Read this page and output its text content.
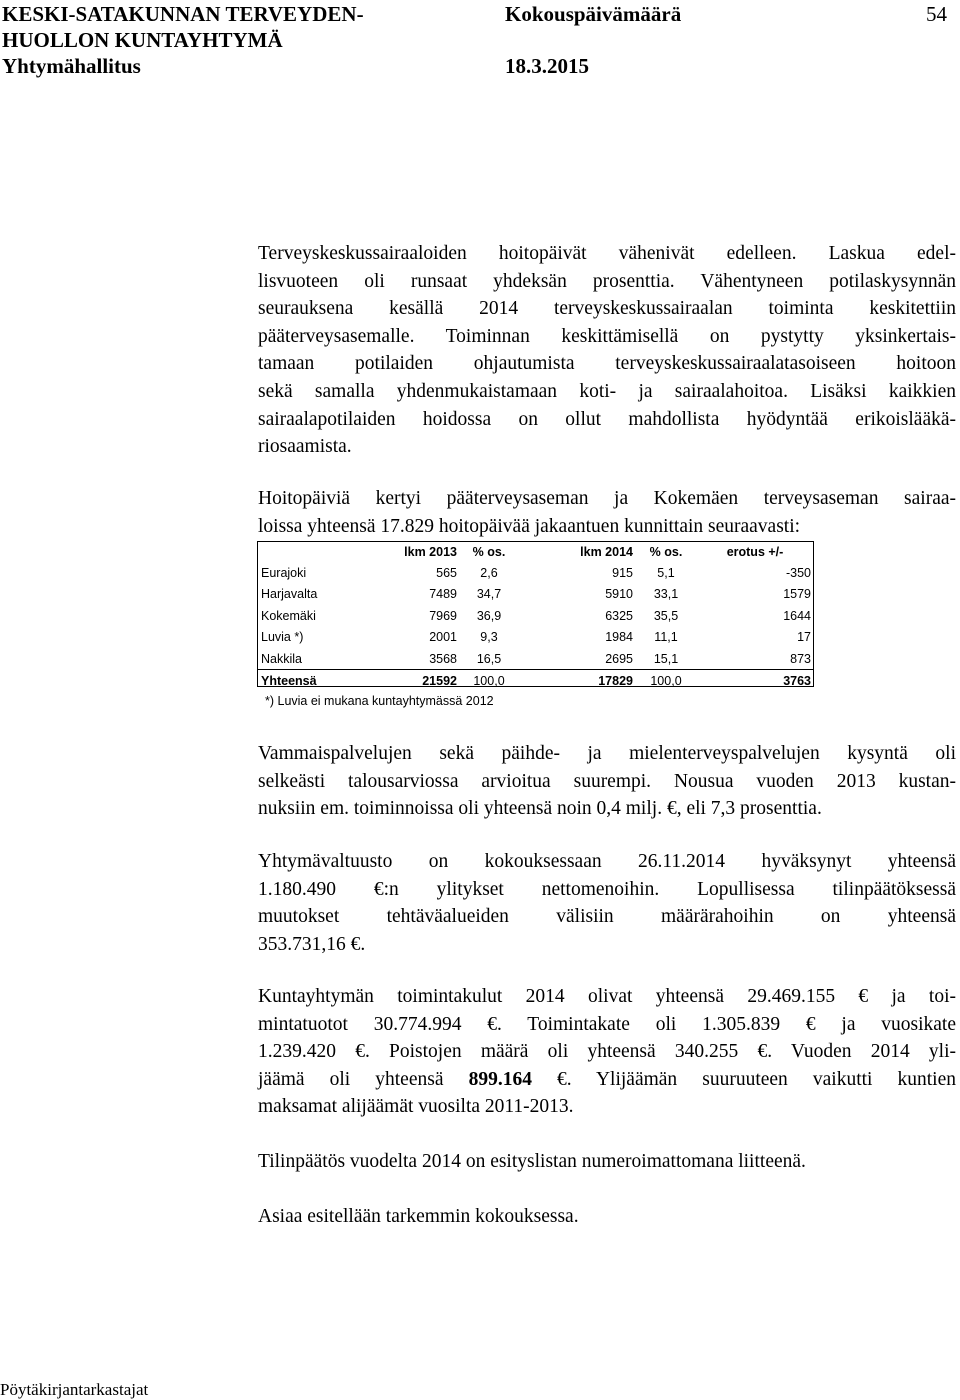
KESKI-SATAKUNNAN TERVEYDEN-
HUOLLON KUNTAYHTYMÄ
Yhtymähallitus
Kokouspäivämäärä
18.3.2015
54
Terveyskeskussairaaloiden hoitopäivät vähenivät edelleen. Laskua edel-
lisvuoteen oli runsaat yhdeksän prosenttia. Vähentyneen potilaskysynnän
seurauksena kesällä 2014 terveyskeskussairaalan toiminta keskitettiin
pääterveysasemalle. Toiminnan keskittämisellä on pystytty yksinkertais-
tamaan potilaiden ohjautumista terveyskeskussairaalatasoiseen hoitoon
sekä samalla yhdenmukaistamaan koti- ja sairaalahoitoa. Lisäksi kaikkien
sairaalapotilaiden hoidossa on ollut mahdollista hyödyntää erikoislääkä-
riosaamista.
Hoitopäiviä kertyi pääterveysaseman ja Kokemäen terveysaseman sairaa-
loissa yhteensä 17.829 hoitopäivää jakaantuen kunnittain seuraavasti:
	lkm 2013	% os.	lkm 2014	% os.	erotus +/-
Eurajoki	565	2,6	915	5,1	-350
Harjavalta	7489	34,7	5910	33,1	1579
Kokemäki	7969	36,9	6325	35,5	1644
Luvia *)	2001	9,3	1984	11,1	17
Nakkila	3568	16,5	2695	15,1	873
Yhteensä	21592	100,0	17829	100,0	3763
*) Luvia ei mukana kuntayhtymässä 2012
Vammaispalvelujen sekä päihde- ja mielenterveyspalvelujen kysyntä oli
selkeästi talousarviossa arvioitua suurempi. Nousua vuoden 2013 kustan-
nuksiin em. toiminnoissa oli yhteensä noin 0,4 milj. €, eli 7,3 prosenttia.
Yhtymävaltuusto on kokouksessaan 26.11.2014 hyväksynyt yhteensä
1.180.490 €:n ylitykset nettomenoihin. Lopullisessa tilinpäätöksessä
muutokset tehtäväalueiden välisiin määrärahoihin on yhteensä
353.731,16 €.
Kuntayhtymän toimintakulut 2014 olivat yhteensä 29.469.155 € ja toi-
mintatuotot 30.774.994 €. Toimintakate oli 1.305.839 € ja vuosikate
1.239.420 €. Poistojen määrä oli yhteensä 340.255 €. Vuoden 2014 yli-
jäämä oli yhteensä 899.164 €. Ylijäämän suuruuteen vaikutti kuntien
maksamat alijäämät vuosilta 2011-2013.
Tilinpäätös vuodelta 2014 on esityslistan numeroimattomana liitteenä.
Asiaa esitellään tarkemmin kokouksessa.
Pöytäkirjantarkastajat
